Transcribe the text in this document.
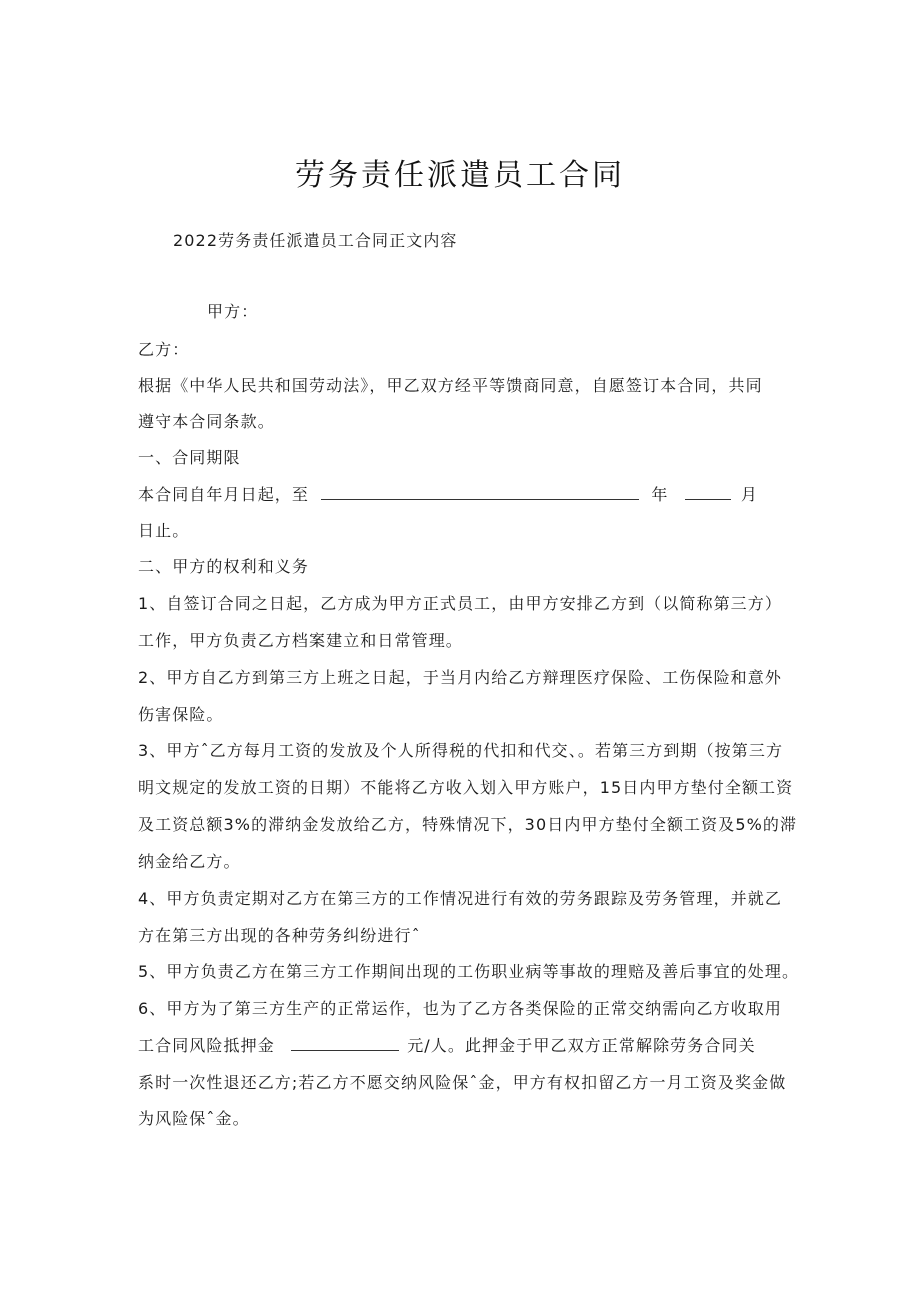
劳务责任派遣员工合同
2022劳务责任派遣员工合同正文内容
甲方：
乙方：
根据《中华人民共和国劳动法》，甲乙双方经平等馈商同意，自愿签订本合同，共同
遵守本合同条款。
一、合同期限
本合同自年月日起，至	年	月
日止。
二、甲方的权利和义务
1、自签订合同之日起，乙方成为甲方正式员工，由甲方安排乙方到（以简称第三方）
工作，甲方负责乙方档案建立和日常管理。
2、甲方自乙方到第三方上班之日起，于当月内给乙方辩理医疗保险、工伤保险和意外
伤害保险。
3、甲方ˆ乙方每月工资的发放及个人所得税的代扣和代交、。若第三方到期（按第三方
明文规定的发放工资的日期）不能将乙方收入划入甲方账户，15日内甲方垫付全额工资
及工资总额3%的滞纳金发放给乙方，特殊情况下，30日内甲方垫付全额工资及5%的滞
纳金给乙方。
4、甲方负责定期对乙方在第三方的工作情况进行有效的劳务跟踪及劳务管理，并就乙
方在第三方出现的各种劳务纠纷进行ˆ
5、甲方负责乙方在第三方工作期间出现的工伤职业病等事故的理赔及善后事宜的处理。
6、甲方为了第三方生产的正常运作，也为了乙方各类保险的正常交纳需向乙方收取用
工合同风险抵押金	元/人。此押金于甲乙双方正常解除劳务合同关
系时一次性退还乙方;若乙方不愿交纳风险保ˆ金，甲方有权扣留乙方一月工资及奖金做
为风险保ˆ金。
